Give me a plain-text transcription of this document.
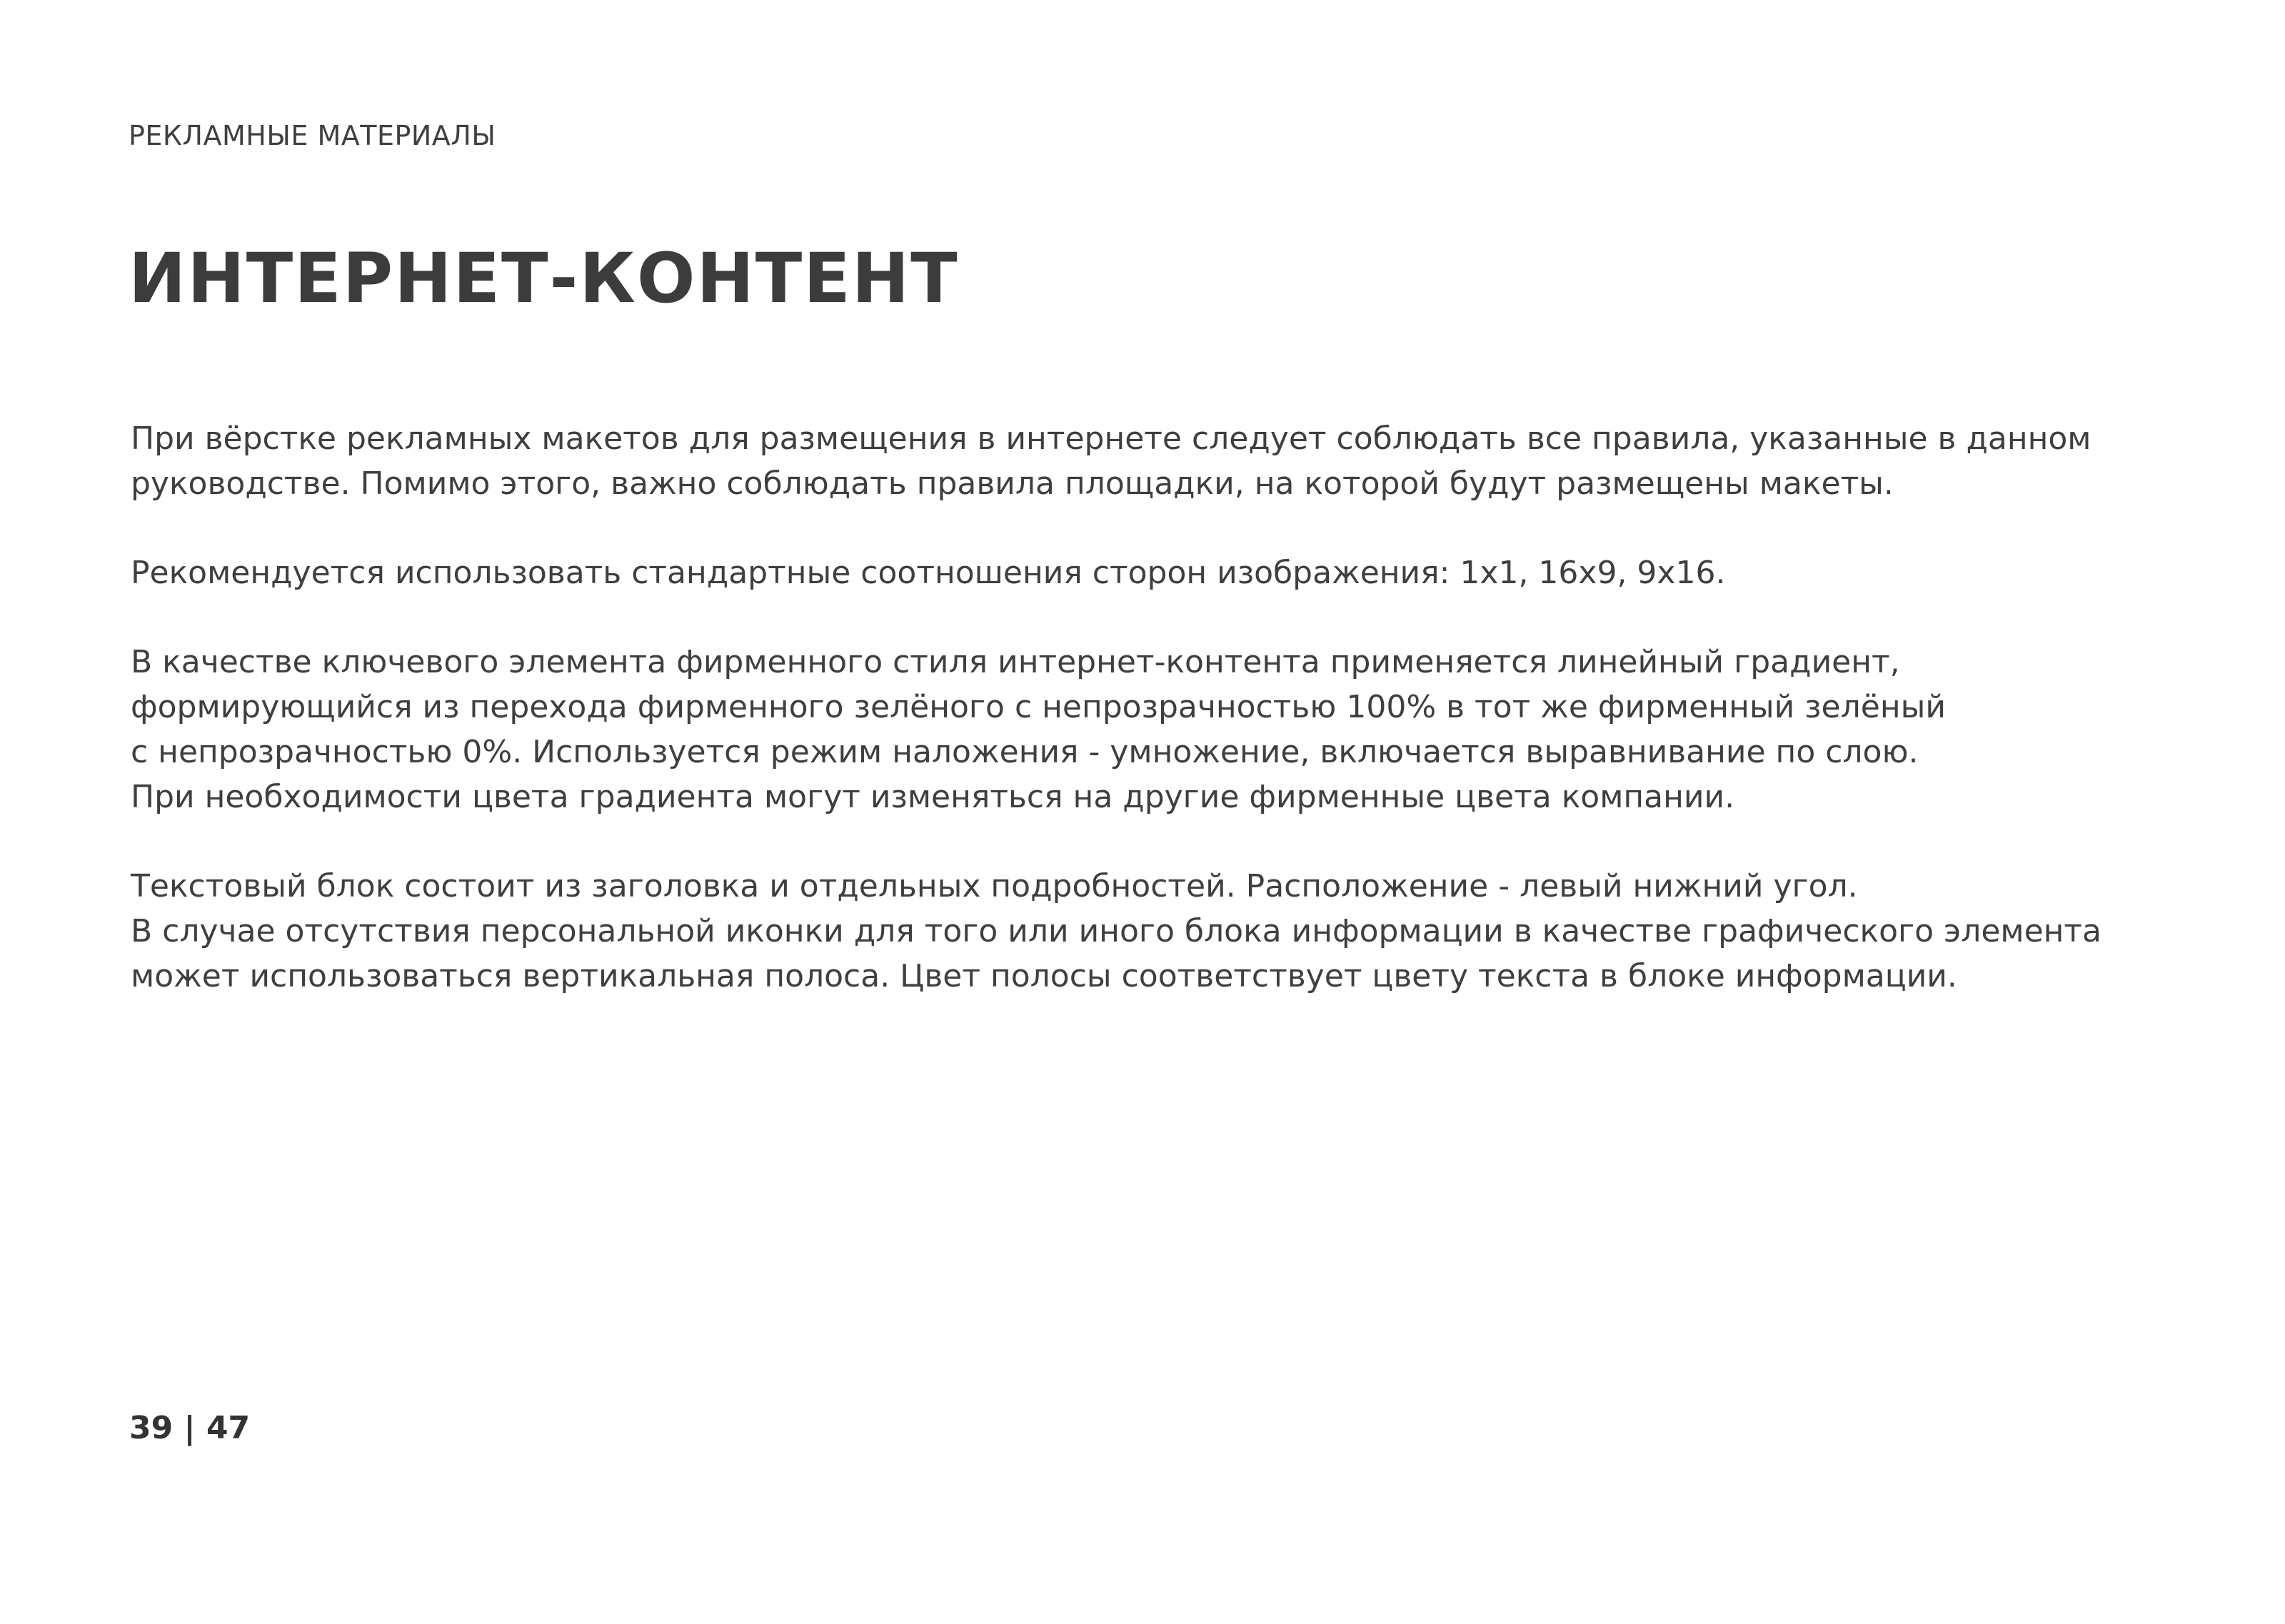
РЕКЛАМНЫЕ МАТЕРИАЛЫ
ИНТЕРНЕТ-КОНТЕНТ

При вёрстке рекламных макетов для размещения в интернете следует соблюдать все правила, указанные в данном
руководстве. Помимо этого, важно соблюдать правила площадки, на которой будут размещены макеты.

Рекомендуется использовать стандартные соотношения сторон изображения: 1х1, 16х9, 9х16.

В качестве ключевого элемента фирменного стиля интернет-контента применяется линейный градиент,
формирующийся из перехода фирменного зелёного с непрозрачностью 100% в тот же фирменный зелёный
с непрозрачностью 0%. Используется режим наложения - умножение, включается выравнивание по слою.
При необходимости цвета градиента могут изменяться на другие фирменные цвета компании.

Текстовый блок состоит из заголовка и отдельных подробностей. Расположение - левый нижний угол.
В случае отсутствия персональной иконки для того или иного блока информации в качестве графического элемента
может использоваться вертикальная полоса. Цвет полосы соответствует цвету текста в блоке информации.

39 | 47
